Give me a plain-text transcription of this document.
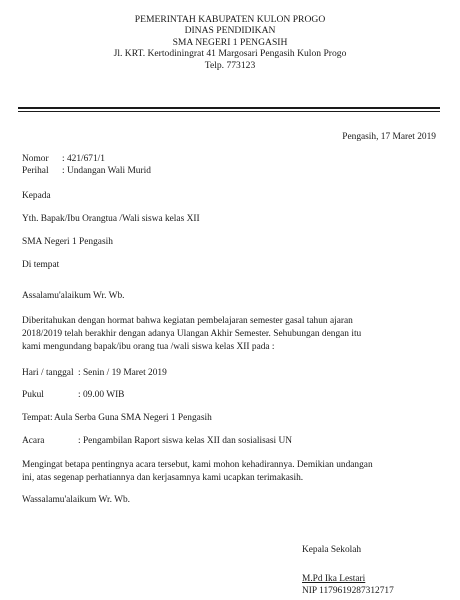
PEMERINTAH KABUPATEN KULON PROGO
DINAS PENDIDIKAN
SMA NEGERI 1 PENGASIH
Jl. KRT. Kertodiningrat 41 Margosari Pengasih Kulon Progo
Telp. 773123
Pengasih, 17 Maret 2019
Nomor : 421/671/1
Perihal : Undangan Wali Murid
Kepada
Yth. Bapak/Ibu Orangtua /Wali siswa kelas XII
SMA Negeri 1 Pengasih
Di tempat
Assalamu'alaikum Wr. Wb.
Diberitahukan dengan hormat bahwa kegiatan pembelajaran semester gasal tahun ajaran
2018/2019 telah berakhir dengan adanya Ulangan Akhir Semester. Sehubungan dengan itu
kami mengundang bapak/ibu orang tua /wali siswa kelas XII pada :
Hari / tanggal : Senin / 19 Maret 2019
Pukul	: 09.00 WIB
Tempat:Aula Serba Guna SMA Negeri 1 Pengasih
Acara	: Pengambilan Raport siswa kelas XII dan sosialisasi UN
Mengingat betapa pentingnya acara tersebut, kami mohon kehadirannya. Demikian undangan
ini, atas segenap perhatiannya dan kerjasamnya kami ucapkan terimakasih.
Wassalamu'alaikum Wr. Wb.
Kepala Sekolah
M.Pd Ika Lestari
NIP 1179619287312717
